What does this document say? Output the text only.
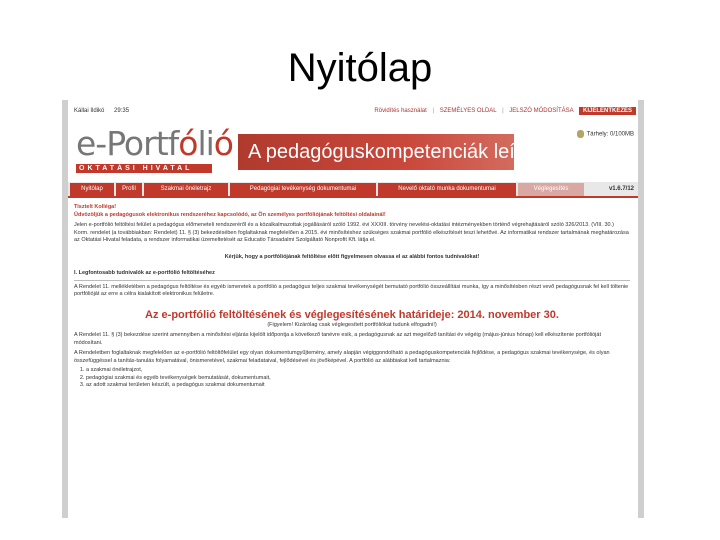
Nyitólap
Kállai Ildikó 29:35	Rövidítés használat | SZEMÉLYES OLDAL | JELSZÓ MÓDOSÍTÁSA KIJELENTKEZÉS
e-Portfólió
OKTATÁSI HIVATAL
A pedagóguskompetenciák leírása
Tárhely: 0/100MB
Nyitólap	Profil	Szakmai önéletrajz	Pedagógiai tevékenység dokumentumai	Nevelő oktató munka dokumentumai	Véglegesítés	v1.6.7/12

Tisztelt Kolléga!

Üdvözöljük a pedagógusok elektronikus rendszeréhez kapcsolódó, az Ön személyes portfóliójának feltöltési oldalainál!

Jelen e-portfólió feltöltési felület a pedagógus előmeneteli rendszeréről és a közalkalmazottak jogállásáról szóló 1992. évi XXXIII. törvény nevelési-oktatási intézményekben történő végrehajtásáról szóló 326/2013. (VIII. 30.) Korm. rendelet (a továbbiakban: Rendelet) 11. § (3) bekezdésében foglaltaknak megfelelően a 2015. évi minősítéshez szükséges szakmai portfólió elkészítését teszi lehetővé. Az informatikai rendszer tartalmának meghatározása az Oktatási Hivatal feladata, a rendszer informatikai üzemeltetését az Educatio Társadalmi Szolgáltató Nonprofit Kft. látja el.

Kérjük, hogy a portfóliójának feltöltése előtt figyelmesen olvassa el az alábbi fontos tudnivalókat!

I. Legfontosabb tudnivalók az e-portfólió feltöltéséhez

A Rendelet 11. mellékletében a pedagógus feltöltése és egyéb ismeretek a portfólió a pedagógus teljes szakmai tevékenységét bemutató portfólió összeállítási munka, így a minősítésben részt vevő pedagógusnak fel kell töltenie portfólióját az erre a célra kialakított elektronikus felületre.

Az e-portfólió feltöltésének és véglegesítésének határideje: 2014. november 30.

(Figyelem! Kizárólag csak véglegesített portfóliókat tudunk elfogadni!)

A Rendelet 11. § (3) bekezdése szerint amennyiben a minősítési eljárás kijelölt időpontja a következő tanévre esik, a pedagógusnak az azt megelőző tanítási év végéig (május-június hónap) kell elkészítenie portfólióját módosítani.

A Rendeletben foglaltaknak megfelelően az e-portfólió feltöltőfelület egy olyan dokumentumgyűjtemény, amely alapján végiggondolható a pedagóguskompetenciák fejlődése, a pedagógus szakmai tevékenysége, és olyan összefüggéssel a tanítás-tanulás folyamatával, önismeretével, szakmai feladataival, fejlődésével és jövőképével. A portfólió az alábbiakat kell tartalmaznia:

1. a szakmai önéletrajzot,
2. pedagógiai szakmai és egyéb tevékenységek bemutatását, dokumentumait,
3. az adott szakmai területen készült, a pedagógus szakmai dokumentumait
